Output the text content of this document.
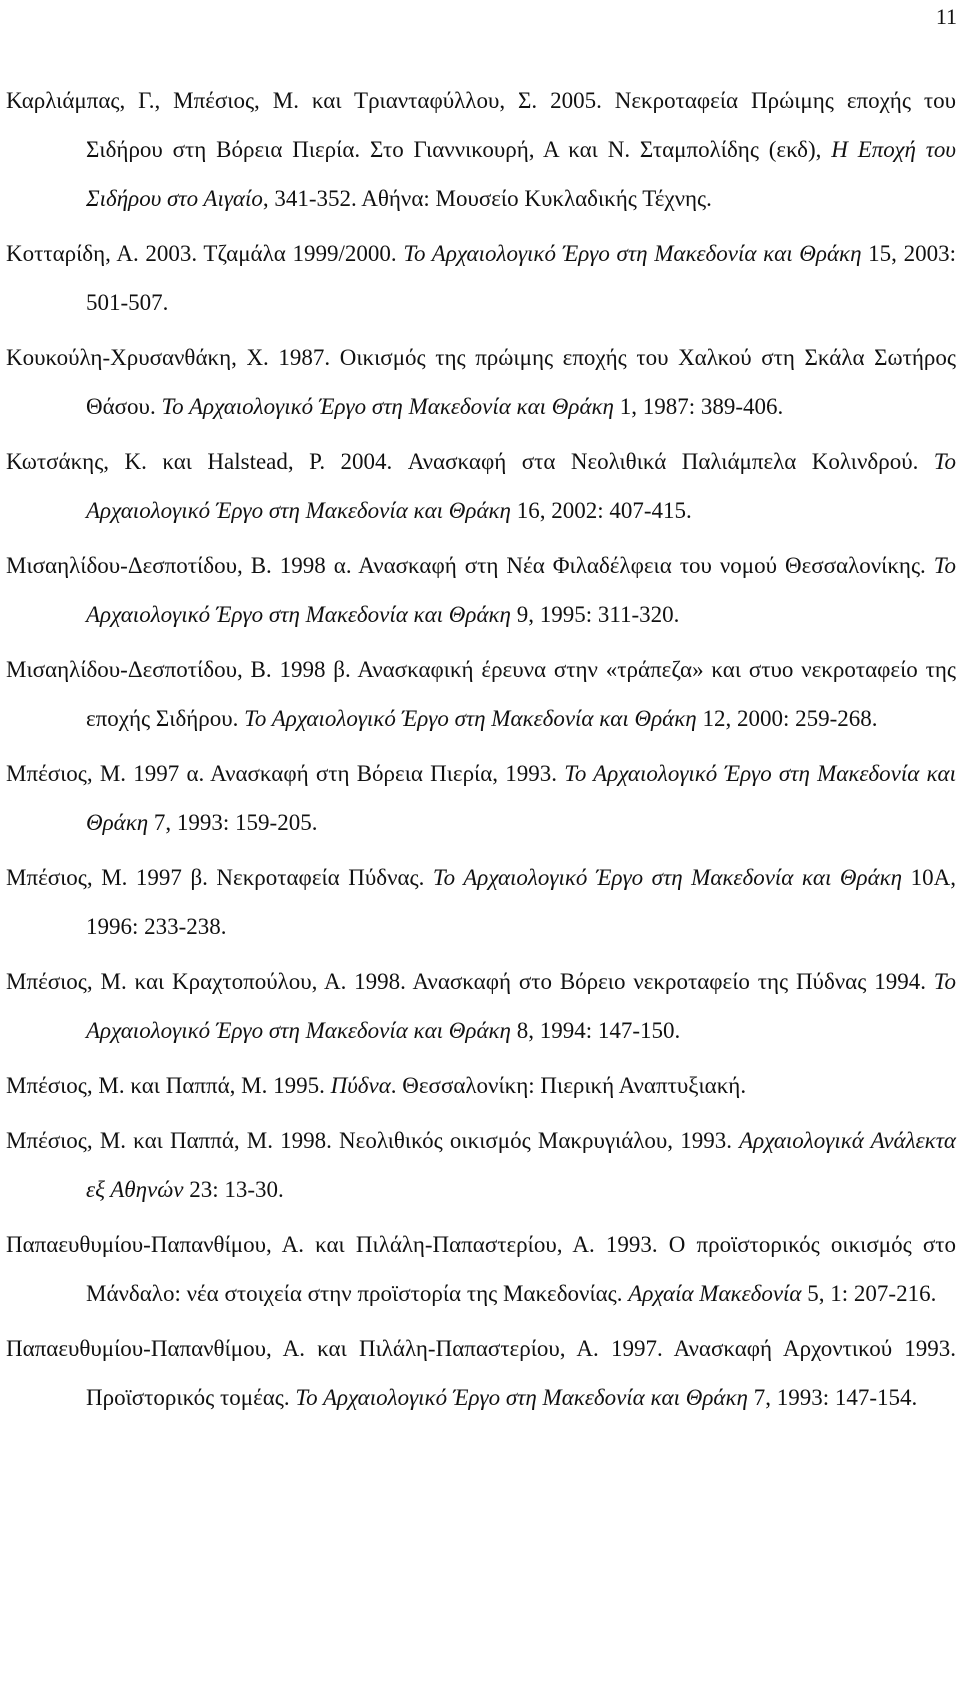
11

Καρλιάμπας, Γ., Μπέσιος, Μ. και Τριανταφύλλου, Σ. 2005. Νεκροταφεία Πρώιμης εποχής του Σιδήρου στη Βόρεια Πιερία. Στο Γιαννικουρή, Α και Ν. Σταμπολίδης (εκδ), Η Εποχή του Σιδήρου στο Αιγαίο, 341-352. Αθήνα: Μουσείο Κυκλαδικής Τέχνης.

Κοτταρίδη, Α. 2003. Τζαμάλα 1999/2000. Το Αρχαιολογικό Έργο στη Μακεδονία και Θράκη 15, 2003: 501-507.

Κουκούλη-Χρυσανθάκη, Χ. 1987. Οικισμός της πρώιμης εποχής του Χαλκού στη Σκάλα Σωτήρος Θάσου. Το Αρχαιολογικό Έργο στη Μακεδονία και Θράκη 1, 1987: 389-406.

Κωτσάκης, Κ. και Halstead, P. 2004. Ανασκαφή στα Νεολιθικά Παλιάμπελα Κολινδρού. Το Αρχαιολογικό Έργο στη Μακεδονία και Θράκη 16, 2002: 407-415.

Μισαηλίδου-Δεσποτίδου, Β. 1998 α. Ανασκαφή στη Νέα Φιλαδέλφεια του νομού Θεσσαλονίκης. Το Αρχαιολογικό Έργο στη Μακεδονία και Θράκη 9, 1995: 311-320.

Μισαηλίδου-Δεσποτίδου, Β. 1998 β. Ανασκαφική έρευνα στην «τράπεζα» και στυο νεκροταφείο της εποχής Σιδήρου. Το Αρχαιολογικό Έργο στη Μακεδονία και Θράκη 12, 2000: 259-268.

Μπέσιος, Μ. 1997 α. Ανασκαφή στη Βόρεια Πιερία, 1993. Το Αρχαιολογικό Έργο στη Μακεδονία και Θράκη 7, 1993: 159-205.

Μπέσιος, Μ. 1997 β. Νεκροταφεία Πύδνας. Το Αρχαιολογικό Έργο στη Μακεδονία και Θράκη 10Α, 1996: 233-238.

Μπέσιος, Μ. και Κραχτοπούλου, Α. 1998. Ανασκαφή στο Βόρειο νεκροταφείο της Πύδνας 1994. Το Αρχαιολογικό Έργο στη Μακεδονία και Θράκη 8, 1994: 147-150.

Μπέσιος, Μ. και Παππά, Μ. 1995. Πύδνα. Θεσσαλονίκη: Πιερική Αναπτυξιακή.

Μπέσιος, Μ. και Παππά, Μ. 1998. Νεολιθικός οικισμός Μακρυγιάλου, 1993. Αρχαιολογικά Ανάλεκτα εξ Αθηνών 23: 13-30.

Παπαευθυμίου-Παπανθίμου, Α. και Πιλάλη-Παπαστερίου, Α. 1993. Ο προϊστορικός οικισμός στο Μάνδαλο: νέα στοιχεία στην προϊστορία της Μακεδονίας. Αρχαία Μακεδονία 5, 1: 207-216.

Παπαευθυμίου-Παπανθίμου, Α. και Πιλάλη-Παπαστερίου, Α. 1997. Ανασκαφή Αρχοντικού 1993. Προϊστορικός τομέας. Το Αρχαιολογικό Έργο στη Μακεδονία και Θράκη 7, 1993: 147-154.
